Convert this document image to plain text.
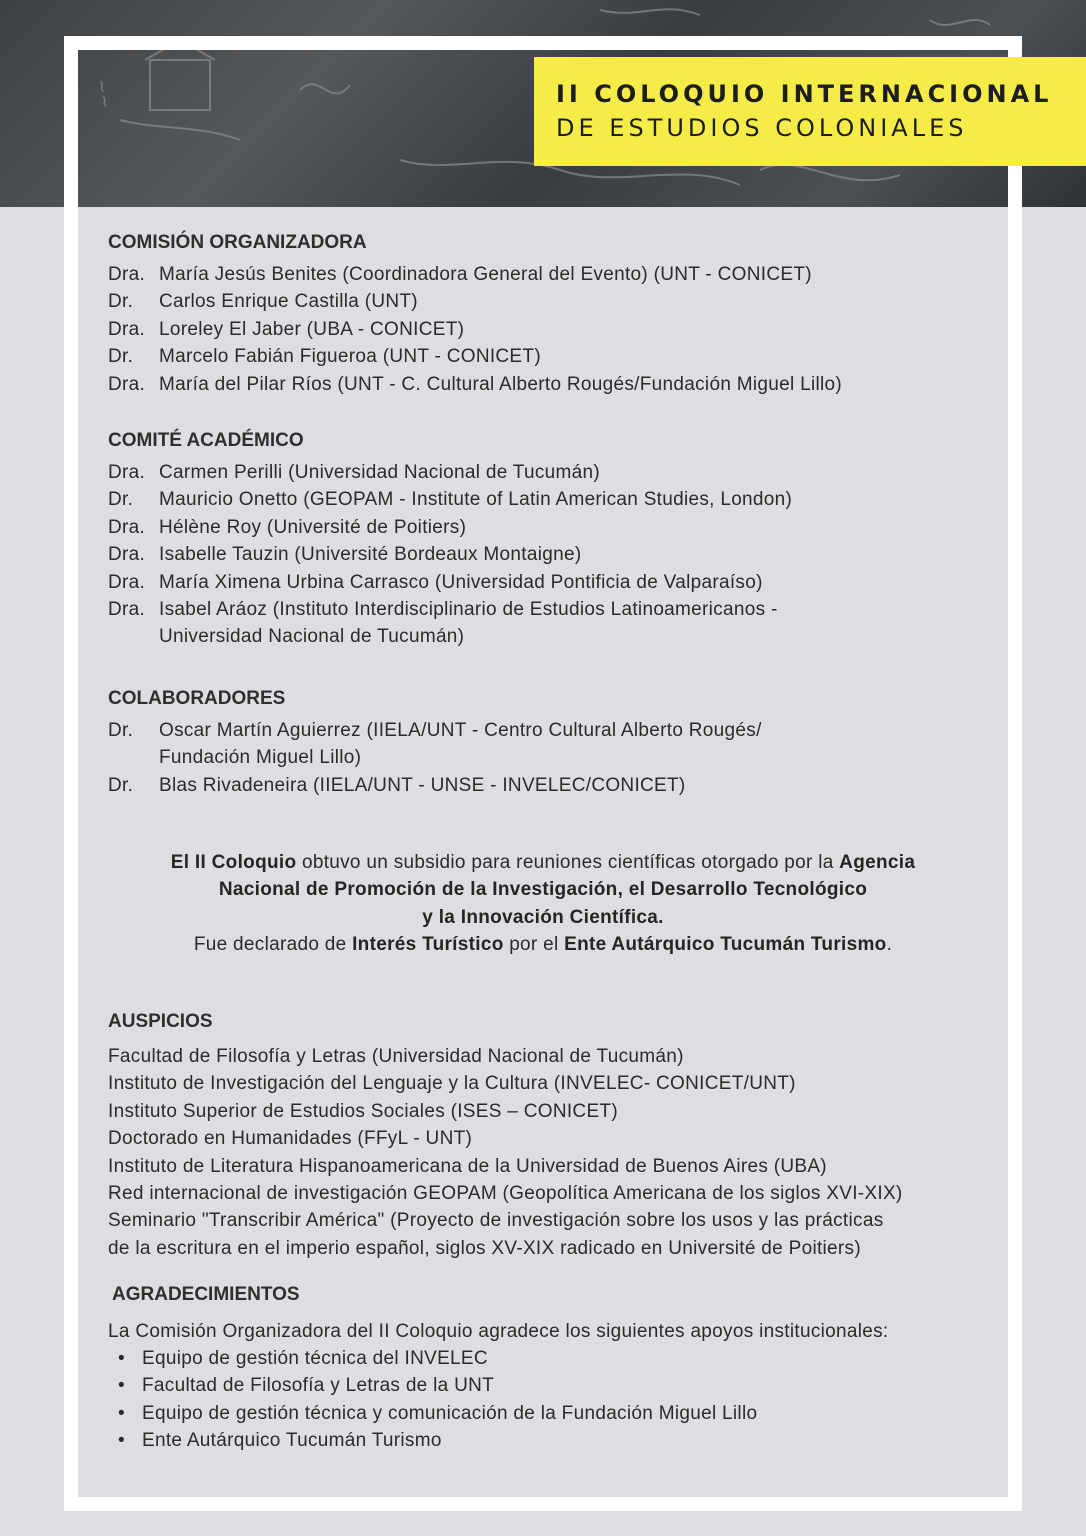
~~	II COLOQUIO INTERNACIONAL
DE ESTUDIOS COLONIALES
COMISIÓN ORGANIZADORA
Dra. María Jesús Benites (Coordinadora General del Evento) (UNT - CONICET)
Dr.	Carlos Enrique Castilla (UNT)
Dra. Loreley El Jaber (UBA - CONICET)
Dr.	Marcelo Fabián Figueroa (UNT - CONICET)
Dra. María del Pilar Ríos (UNT - C. Cultural Alberto Rougés/Fundación Miguel Lillo)
COMITÉ ACADÉMICO
Dra. Carmen Perilli (Universidad Nacional de Tucumán)
Dr.	Mauricio Onetto (GEOPAM - Institute of Latin American Studies, London)
Dra. Hélène Roy (Université de Poitiers)
Dra. Isabelle Tauzin (Université Bordeaux Montaigne)
Dra. María Ximena Urbina Carrasco (Universidad Pontificia de Valparaíso)
Dra. Isabel Aráoz (Instituto Interdisciplinario de Estudios Latinoamericanos -
Universidad Nacional de Tucumán)
COLABORADORES
Dr.	Oscar Martín Aguierrez (IIELA/UNT - Centro Cultural Alberto Rougés/
Fundación Miguel Lillo)
Dr.	Blas Rivadeneira (IIELA/UNT - UNSE - INVELEC/CONICET)
El II Coloquio obtuvo un subsidio para reuniones científicas otorgado por la Agencia
Nacional de Promoción de la Investigación, el Desarrollo Tecnológico
y la Innovación Científica.
Fue declarado de Interés Turístico por el Ente Autárquico Tucumán Turismo.
AUSPICIOS
Facultad de Filosofía y Letras (Universidad Nacional de Tucumán)
Instituto de Investigación del Lenguaje y la Cultura (INVELEC- CONICET/UNT)
Instituto Superior de Estudios Sociales (ISES – CONICET)
Doctorado en Humanidades (FFyL - UNT)
Instituto de Literatura Hispanoamericana de la Universidad de Buenos Aires (UBA)
Red internacional de investigación GEOPAM (Geopolítica Americana de los siglos XVI-XIX)
Seminario "Transcribir América" (Proyecto de investigación sobre los usos y las prácticas
de la escritura en el imperio español, siglos XV-XIX radicado en Université de Poitiers)
AGRADECIMIENTOS
La Comisión Organizadora del II Coloquio agradece los siguientes apoyos institucionales:
• Equipo de gestión técnica del INVELEC
• Facultad de Filosofía y Letras de la UNT
• Equipo de gestión técnica y comunicación de la Fundación Miguel Lillo
• Ente Autárquico Tucumán Turismo
